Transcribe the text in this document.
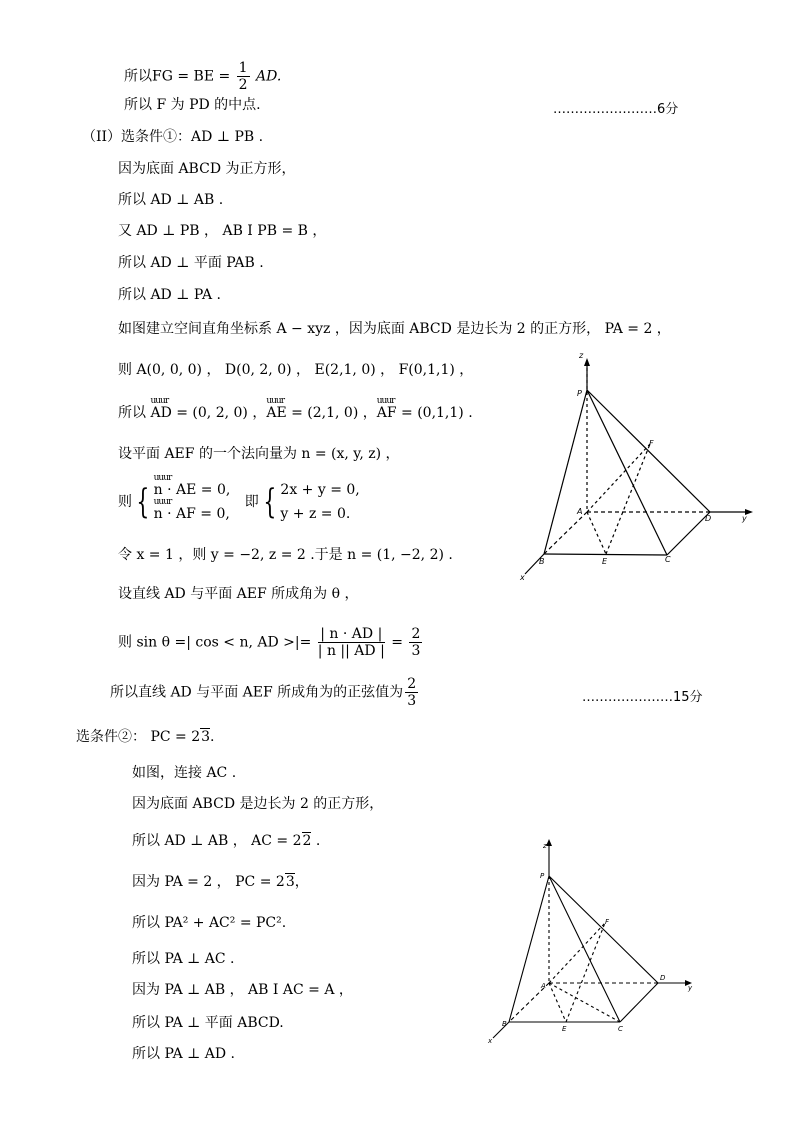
所以FG = BE = $\frac{1}{2}$ AD.
所以 F 为 PD 的中点.	……………………6分
（II）选条件①：AD ⊥ PB .
因为底面 ABCD 为正方形，
所以 AD ⊥ AB .
又 AD ⊥ PB ， AB I PB = B ，
所以 AD ⊥ 平面 PAB .
所以 AD ⊥ PA .
如图建立空间直角坐标系 A − xyz ，因为底面 ABCD 是边长为 2 的正方形， PA = 2 ，
则 A(0, 0, 0) ， D(0, 2, 0) ， E(2,1, 0) ， F(0,1,1) ，
所以 uuur AD = (0, 2, 0) ，uuur AE = (2,1, 0) ，uuur AF = (0,1,1) .
设平面 AEF 的一个法向量为 n = (x, y, z) ，
则 {
uuur n · AE = 0,
uuur n · AF = 0,
即 { 2x + y = 0,
y + z = 0.
令 x = 1 ，则 y = −2, z = 2 .于是 n = (1, −2, 2) .
设直线 AD 与平面 AEF 所成角为 θ ，
则 sin θ =| cos < n, AD >|= $\frac{| n \cdot AD |}{| n || AD |} = \frac{2}{3}$
所以直线 AD 与平面 AEF 所成角为的正弦值为 $\frac{2}{3}$	…………………15分
选条件②： PC = 23.
如图，连接 AC .
因为底面 ABCD 是边长为 2 的正方形，
所以 AD ⊥ AB ， AC = 22 .
因为 PA = 2 ， PC = 23，
所以 PA² + AC² = PC².
所以 PA ⊥ AC .
因为 PA ⊥ AB ， AB I AC = A ，
所以 PA ⊥ 平面 ABCD.
所以 PA ⊥ AD .
z
P
F
A
D	y
B	E	C
x
z
P
F
A
D
y
B
E	C
x
